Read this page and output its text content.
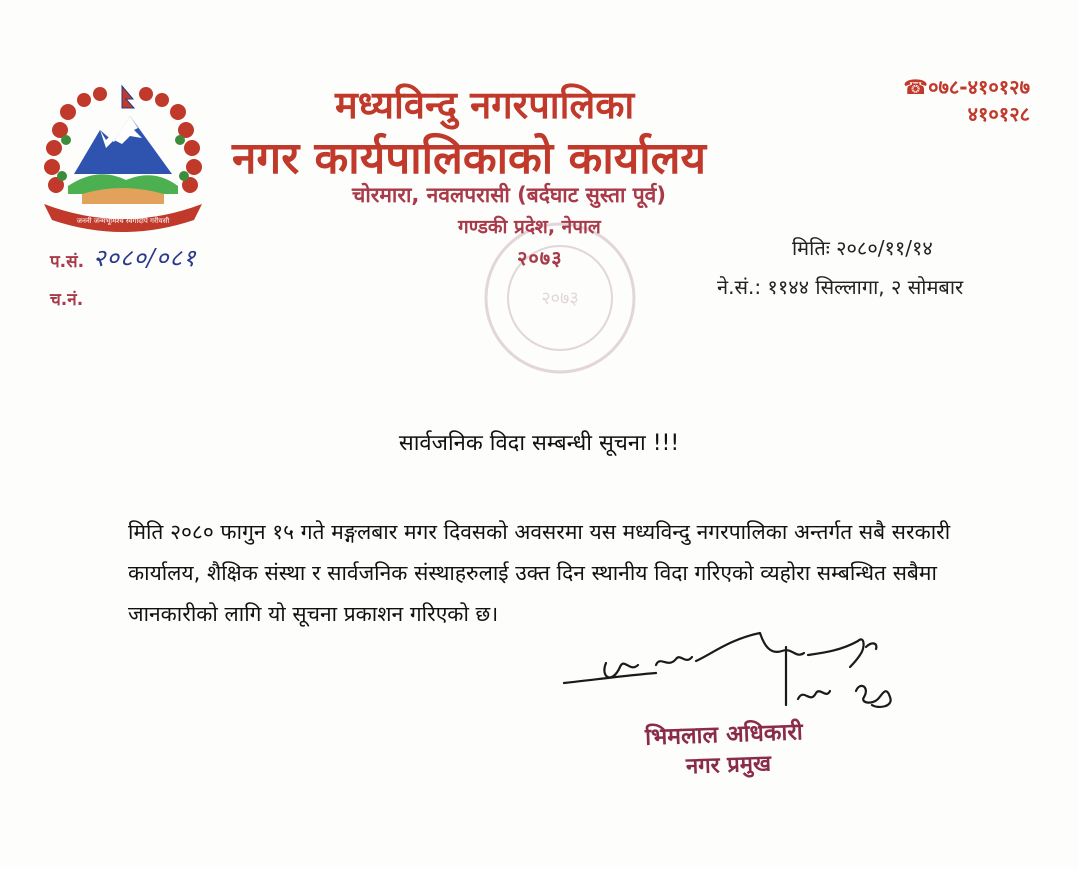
जननी जन्मभूमिश्च स्वर्गादपि गरीयसी
२०७३
मध्यविन्दु नगरपालिका
नगर कार्यपालिकाको कार्यालय
चोरमारा, नवलपरासी (बर्दघाट सुस्ता पूर्व)
गण्डकी प्रदेश, नेपाल
२०७३
☎०७८-४१०१२७
४१०१२८
प.सं. २०८०/०८१
च.नं.
मितिः २०८०/११/१४
ने.सं.: ११४४ सिल्लागा, २ सोमबार
सार्वजनिक विदा सम्बन्धी सूचना !!!
मिति २०८० फागुन १५ गते मङ्गलबार मगर दिवसको अवसरमा यस मध्यविन्दु नगरपालिका अन्तर्गत सबै सरकारी कार्यालय, शैक्षिक संस्था र सार्वजनिक संस्थाहरुलाई उक्त दिन स्थानीय विदा गरिएको व्यहोरा सम्बन्धित सबैमा जानकारीको लागि यो सूचना प्रकाशन गरिएको छ।
भिमलाल अधिकारी
नगर प्रमुख
